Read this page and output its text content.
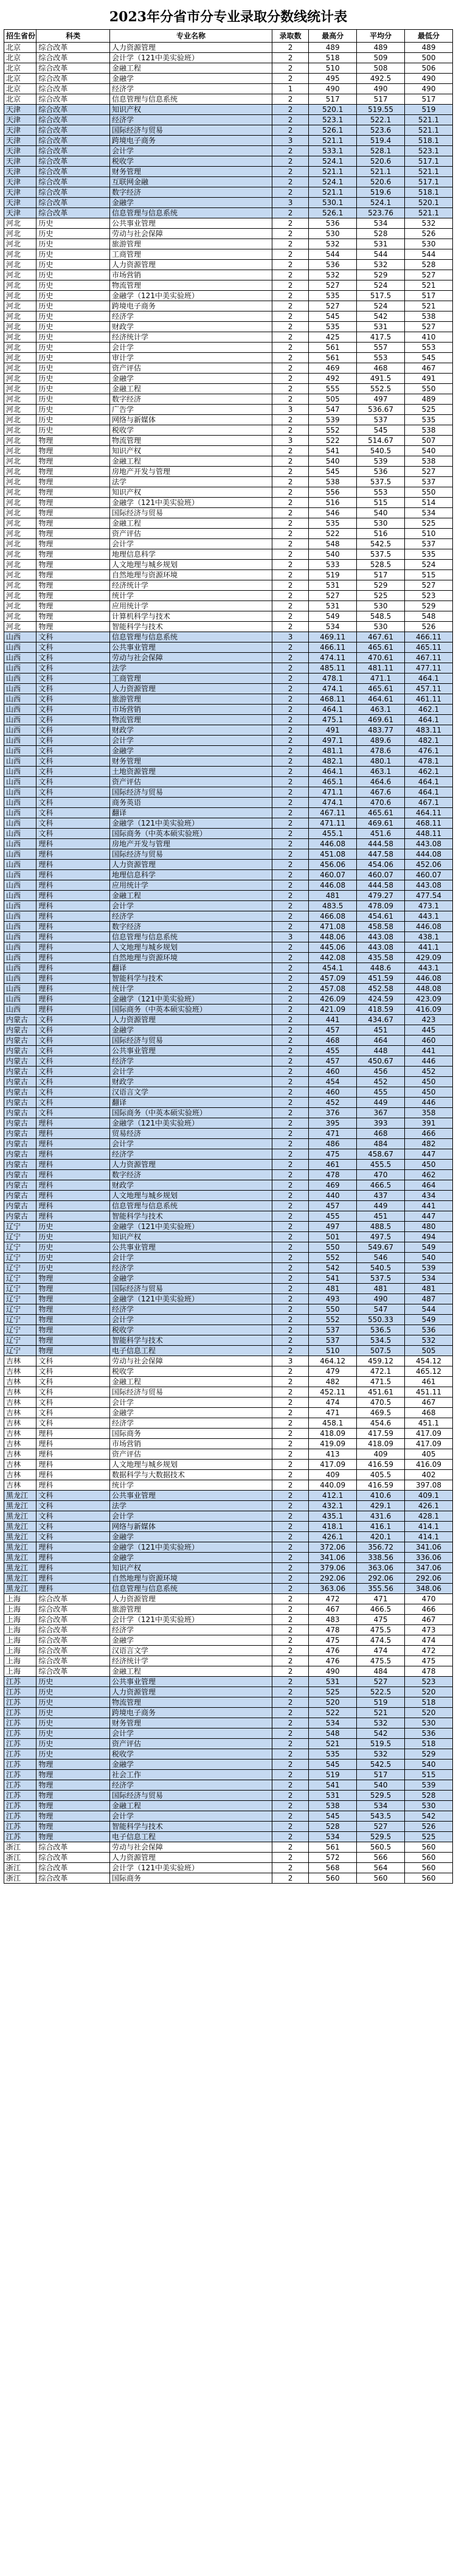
2023年分省市分专业录取分数线统计表
招生省份	科类	专业名称	录取数	最高分	平均分	最低分
北京	综合改革	人力资源管理	2	489	489	489
北京	综合改革	会计学（121中美实验班）	2	518	509	500
北京	综合改革	金融工程	2	510	508	506
北京	综合改革	金融学	2	495	492.5	490
北京	综合改革	经济学	1	490	490	490
北京	综合改革	信息管理与信息系统	2	517	517	517
天津	综合改革	知识产权	2	520.1	519.55	519
天津	综合改革	经济学	2	523.1	522.1	521.1
天津	综合改革	国际经济与贸易	2	526.1	523.6	521.1
天津	综合改革	跨境电子商务	3	521.1	519.4	518.1
天津	综合改革	会计学	2	533.1	528.1	523.1
天津	综合改革	税收学	2	524.1	520.6	517.1
天津	综合改革	财务管理	2	521.1	521.1	521.1
天津	综合改革	互联网金融	2	524.1	520.6	517.1
天津	综合改革	数字经济	2	521.1	519.6	518.1
天津	综合改革	金融学	3	530.1	524.1	520.1
天津	综合改革	信息管理与信息系统	2	526.1	523.76	521.1
河北	历史	公共事业管理	2	536	534	532
河北	历史	劳动与社会保障	2	530	528	526
河北	历史	旅游管理	2	532	531	530
河北	历史	工商管理	2	544	544	544
河北	历史	人力资源管理	2	536	532	528
河北	历史	市场营销	2	532	529	527
河北	历史	物流管理	2	527	524	521
河北	历史	金融学（121中美实验班）	2	535	517.5	517
河北	历史	跨境电子商务	2	527	524	521
河北	历史	经济学	2	545	542	538
河北	历史	财政学	2	535	531	527
河北	历史	经济统计学	2	425	417.5	410
河北	历史	会计学	2	561	557	553
河北	历史	审计学	2	561	553	545
河北	历史	资产评估	2	469	468	467
河北	历史	金融学	2	492	491.5	491
河北	历史	金融工程	2	555	552.5	550
河北	历史	数字经济	2	505	497	489
河北	历史	广告学	3	547	536.67	525
河北	历史	网络与新媒体	2	539	537	535
河北	历史	税收学	2	552	545	538
河北	物理	物流管理	3	522	514.67	507
河北	物理	知识产权	2	541	540.5	540
河北	物理	金融工程	2	540	539	538
河北	物理	房地产开发与管理	2	545	536	527
河北	物理	法学	2	538	537.5	537
河北	物理	知识产权	2	556	553	550
河北	物理	金融学（121中美实验班）	2	516	515	514
河北	物理	国际经济与贸易	2	546	540	534
河北	物理	金融工程	2	535	530	525
河北	物理	资产评估	2	522	516	510
河北	物理	会计学	2	548	542.5	537
河北	物理	地理信息科学	2	540	537.5	535
河北	物理	人文地理与城乡规划	2	533	528.5	524
河北	物理	自然地理与资源环境	2	519	517	515
河北	物理	经济统计学	2	531	529	527
河北	物理	统计学	2	527	525	523
河北	物理	应用统计学	2	531	530	529
河北	物理	计算机科学与技术	2	549	548.5	548
河北	物理	智能科学与技术	2	534	530	526
山西	文科	信息管理与信息系统	3	469.11	467.61	466.11
山西	文科	公共事业管理	2	466.11	465.61	465.11
山西	文科	劳动与社会保障	2	474.11	470.61	467.11
山西	文科	法学	2	485.11	481.11	477.11
山西	文科	工商管理	2	478.1	471.1	464.1
山西	文科	人力资源管理	2	474.1	465.61	457.11
山西	文科	旅游管理	2	468.11	464.61	461.11
山西	文科	市场营销	2	464.1	463.1	462.1
山西	文科	物流管理	2	475.1	469.61	464.1
山西	文科	财政学	2	491	483.77	483.11
山西	文科	会计学	2	497.1	489.6	482.1
山西	文科	金融学	2	481.1	478.6	476.1
山西	文科	财务管理	2	482.1	480.1	478.1
山西	文科	土地资源管理	2	464.1	463.1	462.1
山西	文科	资产评估	2	465.1	464.6	464.1
山西	文科	国际经济与贸易	2	471.1	467.6	464.1
山西	文科	商务英语	2	474.1	470.6	467.1
山西	文科	翻译	2	467.11	465.61	464.11
山西	文科	金融学（121中美实验班）	2	471.11	469.61	468.11
山西	文科	国际商务（中英本硕实验班）	2	455.1	451.6	448.11
山西	理科	房地产开发与管理	2	446.08	444.58	443.08
山西	理科	国际经济与贸易	2	451.08	447.58	444.08
山西	理科	人力资源管理	2	456.06	454.06	452.06
山西	理科	地理信息科学	2	460.07	460.07	460.07
山西	理科	应用统计学	2	446.08	444.58	443.08
山西	理科	金融工程	2	481	479.27	477.54
山西	理科	会计学	2	483.5	478.09	473.1
山西	理科	经济学	2	466.08	454.61	443.1
山西	理科	数字经济	2	471.08	458.58	446.08
山西	理科	信息管理与信息系统	3	448.06	443.08	438.1
山西	理科	人文地理与城乡规划	2	445.06	443.08	441.1
山西	理科	自然地理与资源环境	2	442.08	435.58	429.09
山西	理科	翻译	2	454.1	448.6	443.1
山西	理科	智能科学与技术	2	457.09	451.59	446.08
山西	理科	统计学	2	457.08	452.58	448.08
山西	理科	金融学（121中美实验班）	2	426.09	424.59	423.09
山西	理科	国际商务（中英本硕实验班）	2	421.09	418.59	416.09
内蒙古	文科	人力资源管理	2	441	434.67	423
内蒙古	文科	金融学	2	457	451	445
内蒙古	文科	国际经济与贸易	2	468	464	460
内蒙古	文科	公共事业管理	2	455	448	441
内蒙古	文科	经济学	2	457	450.67	446
内蒙古	文科	会计学	2	460	456	452
内蒙古	文科	财政学	2	454	452	450
内蒙古	文科	汉语言文学	2	460	455	450
内蒙古	文科	翻译	2	452	449	446
内蒙古	文科	国际商务（中英本硕实验班）	2	376	367	358
内蒙古	理科	金融学（121中美实验班）	2	395	393	391
内蒙古	理科	贸易经济	2	471	468	466
内蒙古	理科	会计学	2	486	484	482
内蒙古	理科	经济学	2	475	458.67	447
内蒙古	理科	人力资源管理	2	461	455.5	450
内蒙古	理科	数字经济	2	478	470	462
内蒙古	理科	财政学	2	469	466.5	464
内蒙古	理科	人文地理与城乡规划	2	440	437	434
内蒙古	理科	信息管理与信息系统	2	457	449	441
内蒙古	理科	智能科学与技术	2	455	451	447
辽宁	历史	金融学（121中美实验班）	2	497	488.5	480
辽宁	历史	知识产权	2	501	497.5	494
辽宁	历史	公共事业管理	2	550	549.67	549
辽宁	历史	会计学	2	552	546	540
辽宁	历史	经济学	2	542	540.5	539
辽宁	物理	金融学	2	541	537.5	534
辽宁	物理	国际经济与贸易	2	481	481	481
辽宁	物理	金融学（121中美实验班）	2	493	490	487
辽宁	物理	经济学	2	550	547	544
辽宁	物理	会计学	2	552	550.33	549
辽宁	物理	税收学	2	537	536.5	536
辽宁	物理	智能科学与技术	2	537	534.5	532
辽宁	物理	电子信息工程	2	510	507.5	505
吉林	文科	劳动与社会保障	3	464.12	459.12	454.12
吉林	文科	税收学	2	479	472.1	465.12
吉林	文科	金融工程	2	482	471.5	461
吉林	文科	国际经济与贸易	2	452.11	451.61	451.11
吉林	文科	会计学	2	474	470.5	467
吉林	文科	金融学	2	471	469.5	468
吉林	文科	经济学	2	458.1	454.6	451.1
吉林	理科	国际商务	2	418.09	417.59	417.09
吉林	理科	市场营销	2	419.09	418.09	417.09
吉林	理科	资产评估	2	413	409	405
吉林	理科	人文地理与城乡规划	2	417.09	416.59	416.09
吉林	理科	数据科学与大数据技术	2	409	405.5	402
吉林	理科	统计学	2	440.09	416.59	397.08
黑龙江	文科	公共事业管理	2	412.1	410.6	409.1
黑龙江	文科	法学	2	432.1	429.1	426.1
黑龙江	文科	会计学	2	435.1	431.6	428.1
黑龙江	文科	网络与新媒体	2	418.1	416.1	414.1
黑龙江	文科	金融学	2	426.1	420.1	414.1
黑龙江	理科	金融学（121中美实验班）	2	372.06	356.72	341.06
黑龙江	理科	金融学	2	341.06	338.56	336.06
黑龙江	理科	知识产权	2	379.06	363.06	347.06
黑龙江	理科	自然地理与资源环境	2	292.06	292.06	292.06
黑龙江	理科	信息管理与信息系统	2	363.06	355.56	348.06
上海	综合改革	人力资源管理	2	472	471	470
上海	综合改革	旅游管理	2	467	466.5	466
上海	综合改革	会计学（121中美实验班）	2	483	475	467
上海	综合改革	经济学	2	478	475.5	473
上海	综合改革	金融学	2	475	474.5	474
上海	综合改革	汉语言文学	2	476	474	472
上海	综合改革	经济统计学	2	476	475.5	475
上海	综合改革	金融工程	2	490	484	478
江苏	历史	公共事业管理	2	531	527	523
江苏	历史	人力资源管理	2	525	522.5	520
江苏	历史	物流管理	2	520	519	518
江苏	历史	跨境电子商务	2	522	521	520
江苏	历史	财务管理	2	534	532	530
江苏	历史	会计学	2	548	542	536
江苏	历史	资产评估	2	521	519.5	518
江苏	历史	税收学	2	535	532	529
江苏	物理	金融学	2	545	542.5	540
江苏	物理	社会工作	2	519	517	515
江苏	物理	经济学	2	541	540	539
江苏	物理	国际经济与贸易	2	531	529.5	528
江苏	物理	金融工程	2	538	534	530
江苏	物理	会计学	2	545	543.5	542
江苏	物理	智能科学与技术	2	528	527	526
江苏	物理	电子信息工程	2	534	529.5	525
浙江	综合改革	劳动与社会保障	2	561	560.5	560
浙江	综合改革	人力资源管理	2	572	566	560
浙江	综合改革	会计学（121中美实验班）	2	568	564	560
浙江	综合改革	国际商务	2	560	560	560
